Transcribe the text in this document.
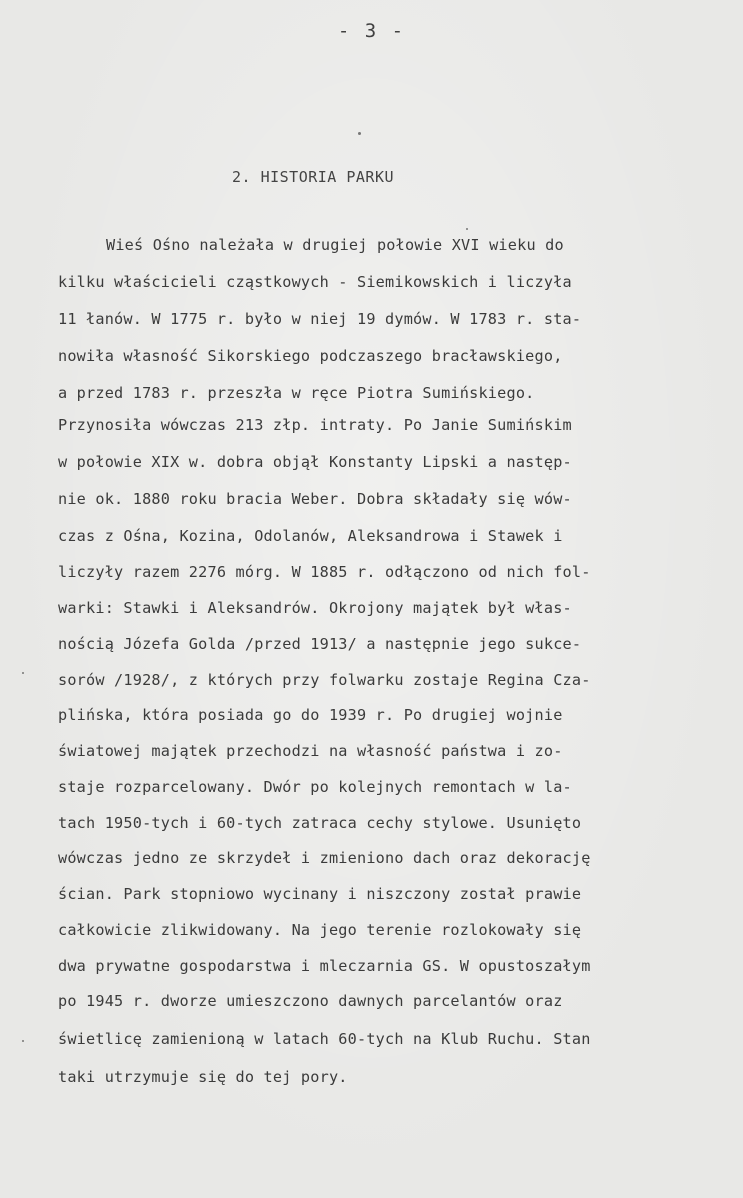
- 3 -
2. HISTORIA PARKU
Wieś Ośno należała w drugiej połowie XVI wieku do
kilku właścicieli cząstkowych - Siemikowskich i liczyła
11 łanów. W 1775 r. było w niej 19 dymów. W 1783 r. sta-
nowiła własność Sikorskiego podczaszego bracławskiego,
a przed 1783 r. przeszła w ręce Piotra Sumińskiego.
Przynosiła wówczas 213 złp. intraty. Po Janie Sumińskim
w połowie XIX w. dobra objął Konstanty Lipski a następ-
nie ok. 1880 roku bracia Weber. Dobra składały się wów-
czas z Ośna, Kozina, Odolanów, Aleksandrowa i Stawek i
liczyły razem 2276 mórg. W 1885 r. odłączono od nich fol-
warki: Stawki i Aleksandrów. Okrojony majątek był włas-
nością Józefa Golda /przed 1913/ a następnie jego sukce-
sorów /1928/, z których przy folwarku zostaje Regina Cza-
plińska, która posiada go do 1939 r. Po drugiej wojnie
światowej majątek przechodzi na własność państwa i zo-
staje rozparcelowany. Dwór po kolejnych remontach w la-
tach 1950-tych i 60-tych zatraca cechy stylowe. Usunięto
wówczas jedno ze skrzydeł i zmieniono dach oraz dekorację
ścian. Park stopniowo wycinany i niszczony został prawie
całkowicie zlikwidowany. Na jego terenie rozlokowały się
dwa prywatne gospodarstwa i mleczarnia GS. W opustoszałym
po 1945 r. dworze umieszczono dawnych parcelantów oraz
świetlicę zamienioną w latach 60-tych na Klub Ruchu. Stan
taki utrzymuje się do tej pory.
